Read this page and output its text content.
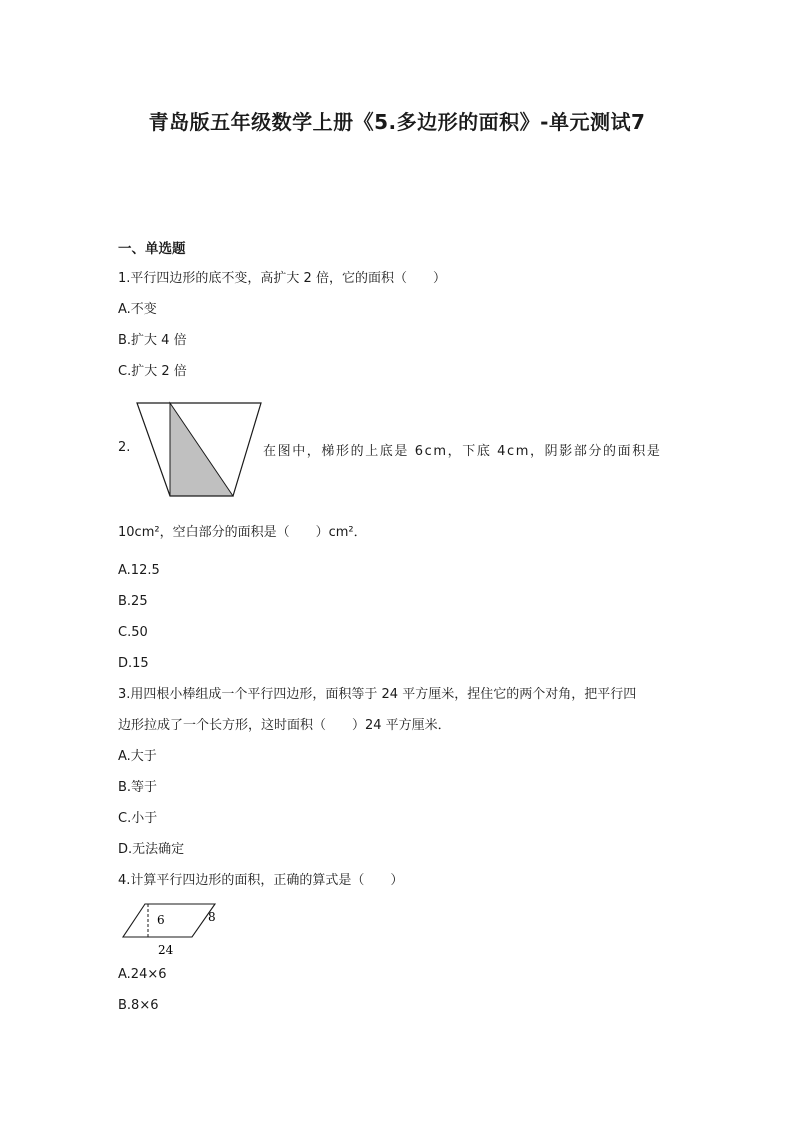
青岛版五年级数学上册《5.多边形的面积》-单元测试7
一、单选题
1.平行四边形的底不变，高扩大 2 倍，它的面积（　　）
A.不变
B.扩大 4 倍
C.扩大 2 倍
2.	在图中，梯形的上底是 6cm，下底 4cm，阴影部分的面积是
10cm²，空白部分的面积是（　　）cm²．
A.12.5
B.25
C.50
D.15
3.用四根小棒组成一个平行四边形，面积等于 24 平方厘米，捏住它的两个对角，把平行四
边形拉成了一个长方形，这时面积（　　）24 平方厘米．
A.大于
B.等于
C.小于
D.无法确定
4.计算平行四边形的面积，正确的算式是（　　）
6	8
24
A.24×6
B.8×6
